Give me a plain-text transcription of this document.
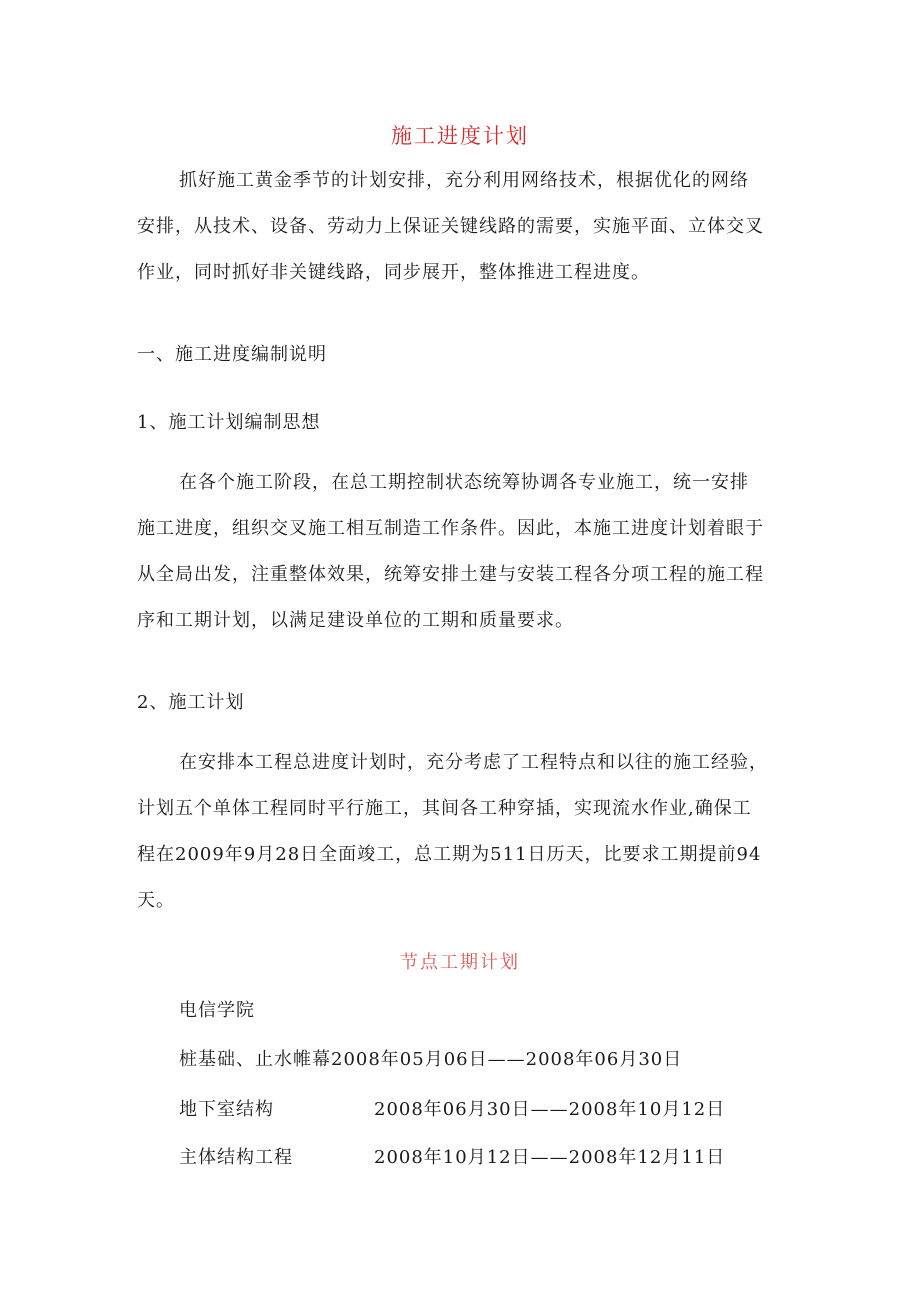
施工进度计划
抓好施工黄金季节的计划安排，充分利用网络技术，根据优化的网络
安排，从技术、设备、劳动力上保证关键线路的需要，实施平面、立体交叉
作业，同时抓好非关键线路，同步展开，整体推进工程进度。
一、施工进度编制说明
1、施工计划编制思想
在各个施工阶段，在总工期控制状态统筹协调各专业施工，统一安排
施工进度，组织交叉施工相互制造工作条件。因此，本施工进度计划着眼于
从全局出发，注重整体效果，统筹安排土建与安装工程各分项工程的施工程
序和工期计划，以满足建设单位的工期和质量要求。
2、施工计划
在安排本工程总进度计划时，充分考虑了工程特点和以往的施工经验，
计划五个单体工程同时平行施工，其间各工种穿插，实现流水作业,确保工
程在2009年9月28日全面竣工，总工期为511日历天，比要求工期提前94
天。
节点工期计划
电信学院
桩基础、止水帷幕2008年05月06日——2008年06月30日
地下室结构	2008年06月30日——2008年10月12日
主体结构工程	2008年10月12日——2008年12月11日
